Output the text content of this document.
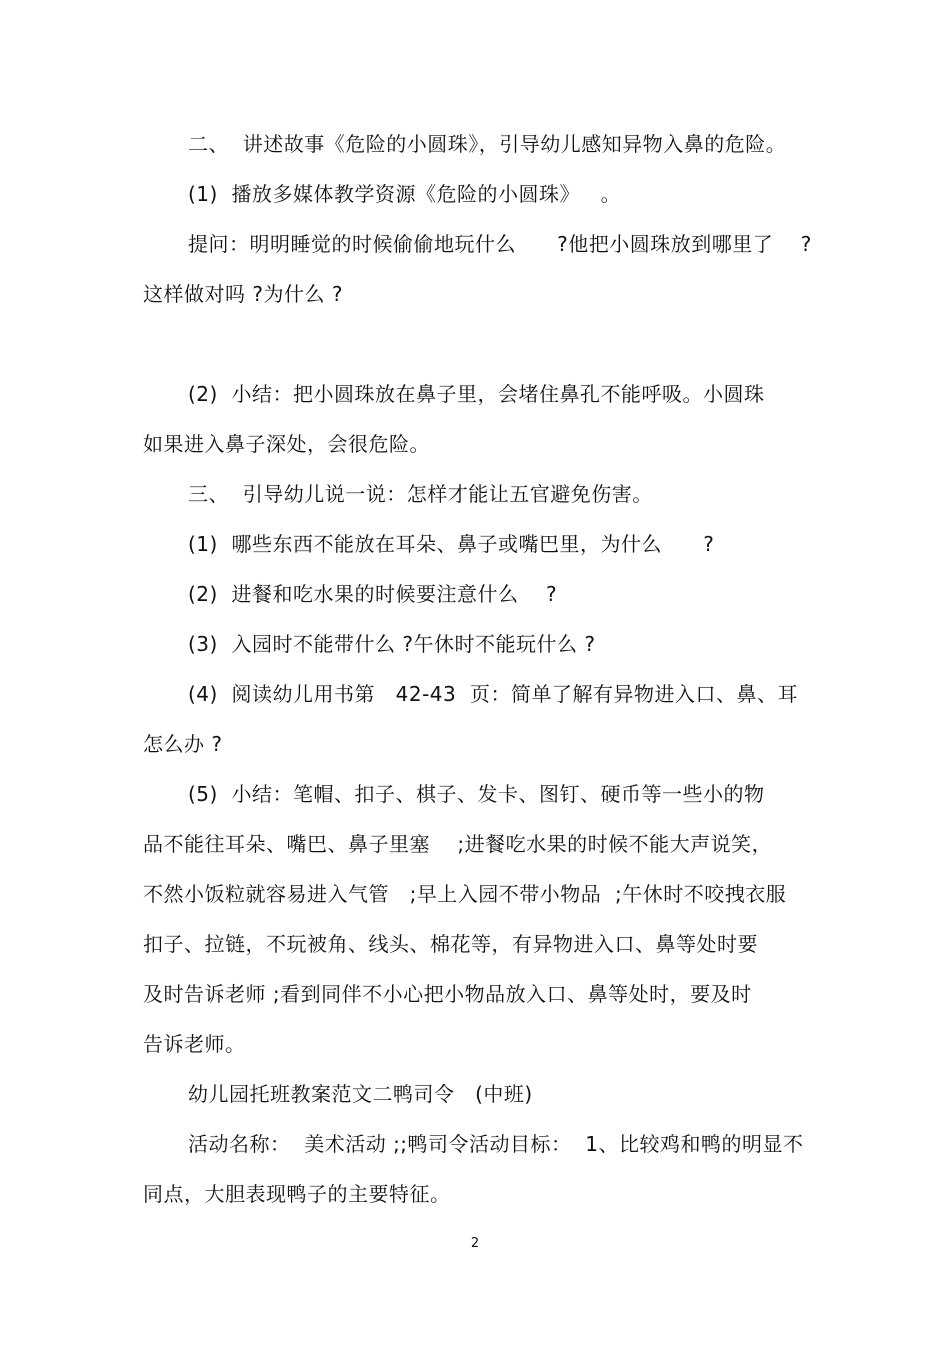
二、  讲述故事《危险的小圆珠》，引导幼儿感知异物入鼻的危险。
(1)  播放多媒体教学资源《危险的小圆珠》   。
提问：明明睡觉的时候偷偷地玩什么      ?他把小圆珠放到哪里了    ?
这样做对吗 ?为什么 ?
(2)  小结：把小圆珠放在鼻子里，会堵住鼻孔不能呼吸。小圆珠
如果进入鼻子深处，会很危险。
三、  引导幼儿说一说：怎样才能让五官避免伤害。
(1)  哪些东西不能放在耳朵、鼻子或嘴巴里，为什么      ?
(2)  进餐和吃水果的时候要注意什么    ?
(3)  入园时不能带什么 ?午休时不能玩什么 ?
(4)  阅读幼儿用书第   42-43  页：简单了解有异物进入口、鼻、耳
怎么办 ?
(5)  小结：笔帽、扣子、棋子、发卡、图钉、硬币等一些小的物
品不能往耳朵、嘴巴、鼻子里塞    ;进餐吃水果的时候不能大声说笑，
不然小饭粒就容易进入气管   ;早上入园不带小物品  ;午休时不咬拽衣服
扣子、拉链，不玩被角、线头、棉花等，有异物进入口、鼻等处时要
及时告诉老师 ;看到同伴不小心把小物品放入口、鼻等处时，要及时
告诉老师。
幼儿园托班教案范文二鸭司令   (中班)
活动名称：  美术活动 ;;鸭司令活动目标：  1、比较鸡和鸭的明显不
同点，大胆表现鸭子的主要特征。
2
